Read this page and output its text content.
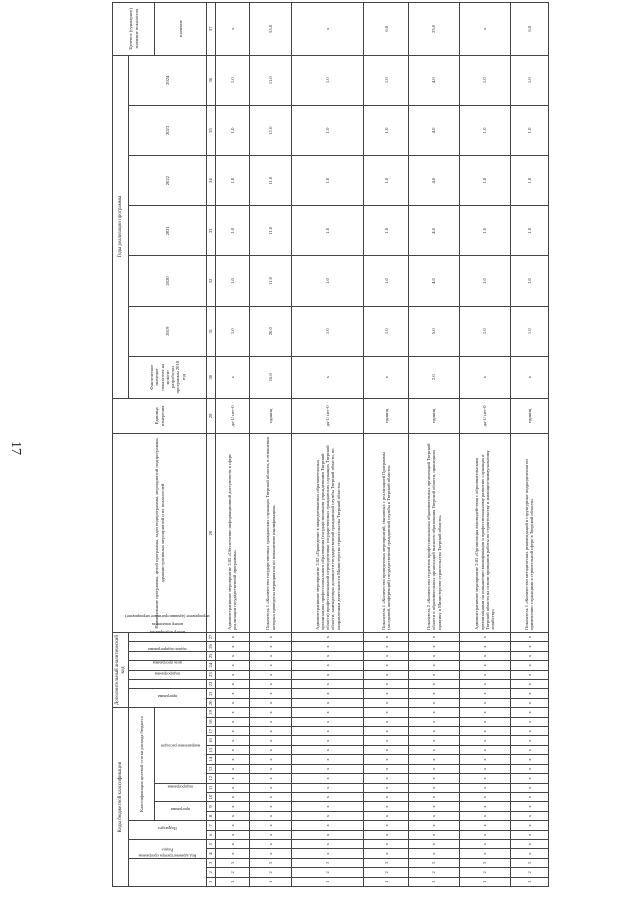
17
Коды бюджетной классификации																			Дополнительный аналитический код								Наименование программы, целей программы, задач подпрограммы, мероприятий подпрограммы, административных мероприятий и их показателей	Единица измерения	Годы реализации программы							Целевое (суммарное) значение показателя
Код администратора программы			Раздел		Подраздел		Классификация целевой статьи расхода бюджета												программа		подпрограмма	цель программы	задача подпрограммы	мероприятие (административное мероприятие)	номер мероприятия	номер показателя			Фактическое значение показателя на момент разработки программы 2018 год	2019	2020	2021	2022	2023	2024	
							программа		подпрограмма		направление расходов																									значение
1	2	3	4	5	6	7	8	9	10	11	12	13	14	15	16	17	18	19	20	21	22	23	24	25	26	27	28	29	30	31	32	33	34	35	36	37
1	2	3	x	x	x	x	x	x	x	x	x	x	x	x	x	x	x	x	x	x	x	x	x	x	x	x	Административное мероприятие 2.05 «Обеспечение информационной доступности в сфере реализации государственной программы»	да-1/ нет-0	x	1.0	1.0	1.0	1.0	1.0	1.0	x
1	2	3	x	x	x	x	x	x	x	x	x	x	x	x	x	x	x	x	x	x	x	x	x	x	x	x	Показатель 1 «Количество государственных гражданских служащих Тверской области, в отношении которых проведены мероприятия по повышению квалификации»	единиц	16.0	20.0	11.0	11.0	11.0	11.0	11.0	55.0
1	2	3	x	x	x	x	x	x	x	x	x	x	x	x	x	x	x	x	x	x	x	x	x	x	x	x	Административное мероприятие 2.02 «Проведение в аккредитованных образовательных организациях профессионального образования (государственными учреждениями Тверской области) профессиональной переподготовки государственных гражданских служащих Тверской области, замещающих должности государственной гражданской службы Тверской области, по направлениям деятельности Министерства строительства Тверской области»	да-1/ нет-0	x	1.0	1.0	1.0	1.0	1.0	1.0	x
1	2	3	x	x	x	x	x	x	x	x	x	x	x	x	x	x	x	x	x	x	x	x	x	x	x	x	Показатель 1 «Количество проведенных мероприятий, связанных с реализацией Программы (заседаний, конференций) государственной гражданской службы в Тверской области»	единиц	x	1.0	1.0	1.0	1.0	1.0	1.0	6.0
1	2	3	x	x	x	x	x	x	x	x	x	x	x	x	x	x	x	x	x	x	x	x	x	x	x	x	Показатель 2 «Количество студентов профессиональных образовательных организаций Тверской области и образовательных организаций высшего образования Тверской области, прошедших практику в Министерстве строительства Тверской области»	единиц	2.0	5.0	4.0	4.0	4.0	4.0	4.0	25.0
1	2	3	x	x	x	x	x	x	x	x	x	x	x	x	x	x	x	x	x	x	x	x	x	x	x	x	Административное мероприятие 2.03 «Организация взаимодействия с образовательными организациями по повышению квалификации и профессиональному развитию служащих в Тверской области на основе принципов работы по строительству и жилищно-коммунальному хозяйству»	да-1/ нет-0	x	1.0	1.0	1.0	1.0	1.0	1.0	x
1	2	3	x	x	x	x	x	x	x	x	x	x	x	x	x	x	x	x	x	x	x	x	x	x	x	x	Показатель 1 «Количество методических рекомендаций в структурные подразделения по применению служащими в строительной сфере в Тверской области»	единиц	x	1.0	1.0	1.0	1.0	1.0	1.0	6.0
